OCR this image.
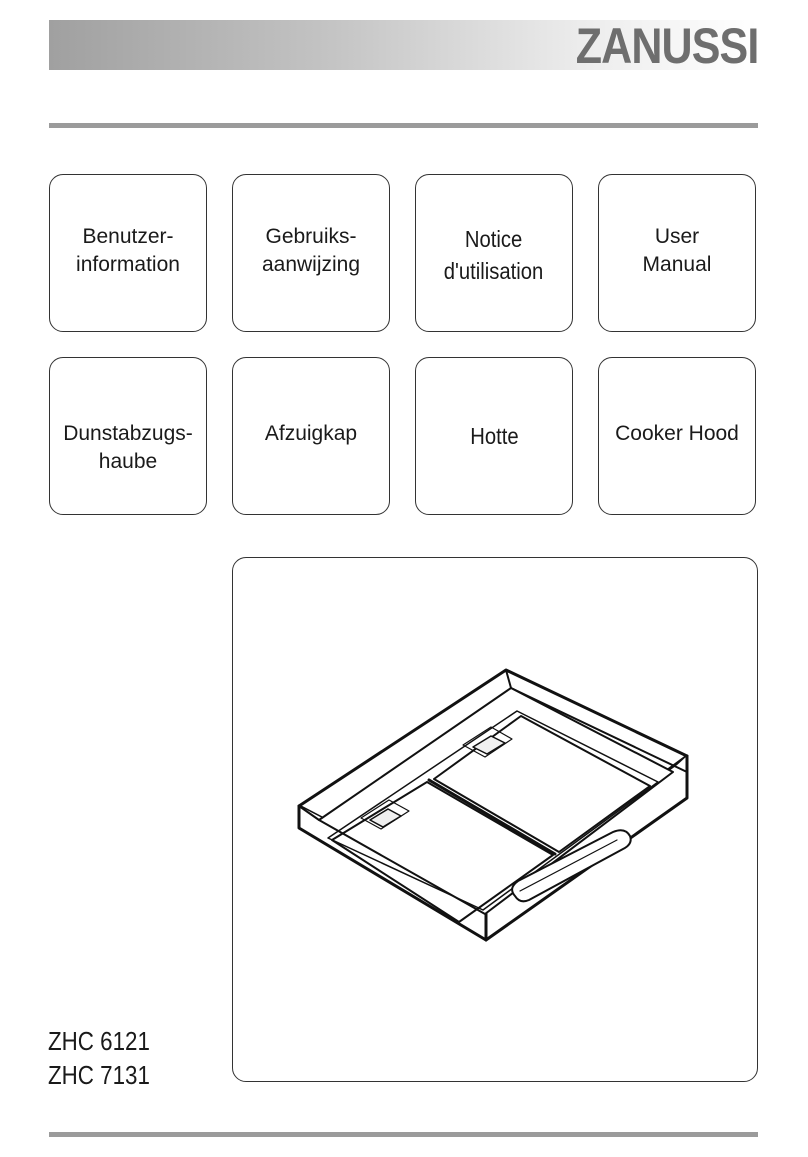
ZANUSSI
Benutzer-
information
Gebruiks-
aanwijzing
Notice
d'utilisation
User
Manual
Dunstabzugs-
haube
Afzuigkap	Hotte	Cooker Hood
ZHC 6121
ZHC 7131
